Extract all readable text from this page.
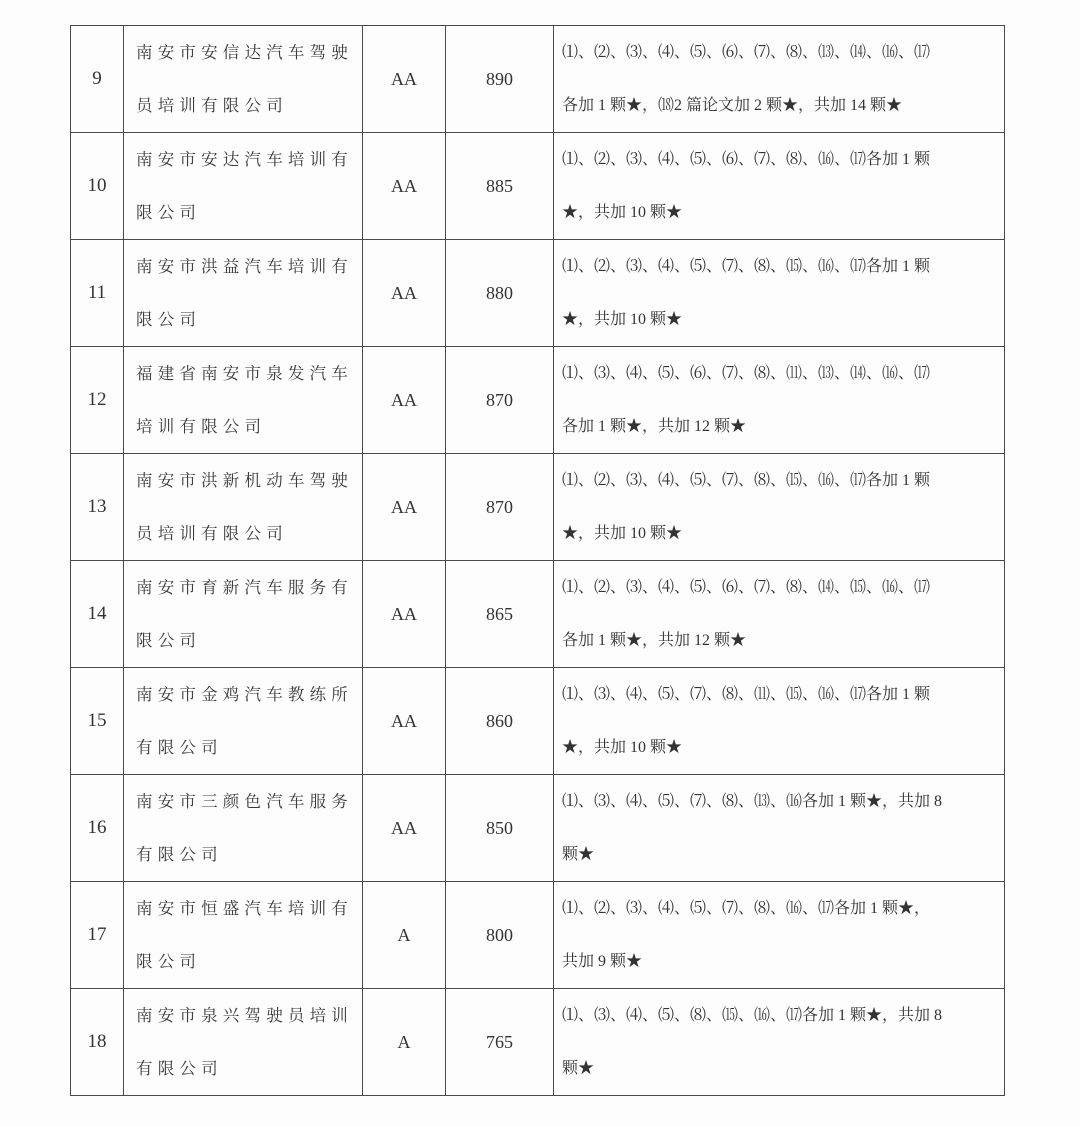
9	南安市安信达汽车驾驶
员培训有限公司	AA	890	⑴、⑵、⑶、⑷、⑸、⑹、⑺、⑻、⒀、⒁、⒃、⒄
各加 1 颗★，⒅2 篇论文加 2 颗★，共加 14 颗★

10	南安市安达汽车培训有
限公司	AA	885	⑴、⑵、⑶、⑷、⑸、⑹、⑺、⑻、⒃、⒄各加 1 颗
★，共加 10 颗★

11	南安市洪益汽车培训有
限公司	AA	880	⑴、⑵、⑶、⑷、⑸、⑺、⑻、⒂、⒃、⒄各加 1 颗
★，共加 10 颗★

12	福建省南安市泉发汽车
培训有限公司	AA	870	⑴、⑶、⑷、⑸、⑹、⑺、⑻、⑾、⒀、⒁、⒃、⒄
各加 1 颗★，共加 12 颗★

13	南安市洪新机动车驾驶
员培训有限公司	AA	870	⑴、⑵、⑶、⑷、⑸、⑺、⑻、⒂、⒃、⒄各加 1 颗
★，共加 10 颗★

14	南安市育新汽车服务有
限公司	AA	865	⑴、⑵、⑶、⑷、⑸、⑹、⑺、⑻、⒁、⒂、⒃、⒄
各加 1 颗★，共加 12 颗★

15	南安市金鸡汽车教练所
有限公司	AA	860	⑴、⑶、⑷、⑸、⑺、⑻、⑾、⒂、⒃、⒄各加 1 颗
★，共加 10 颗★

16	南安市三颜色汽车服务
有限公司	AA	850	⑴、⑶、⑷、⑸、⑺、⑻、⒀、⒃各加 1 颗★，共加 8
颗★

17	南安市恒盛汽车培训有
限公司	A	800	⑴、⑵、⑶、⑷、⑸、⑺、⑻、⒃、⒄各加 1 颗★，
共加 9 颗★

18	南安市泉兴驾驶员培训
有限公司	A	765	⑴、⑶、⑷、⑸、⑻、⒂、⒃、⒄各加 1 颗★，共加 8
颗★
